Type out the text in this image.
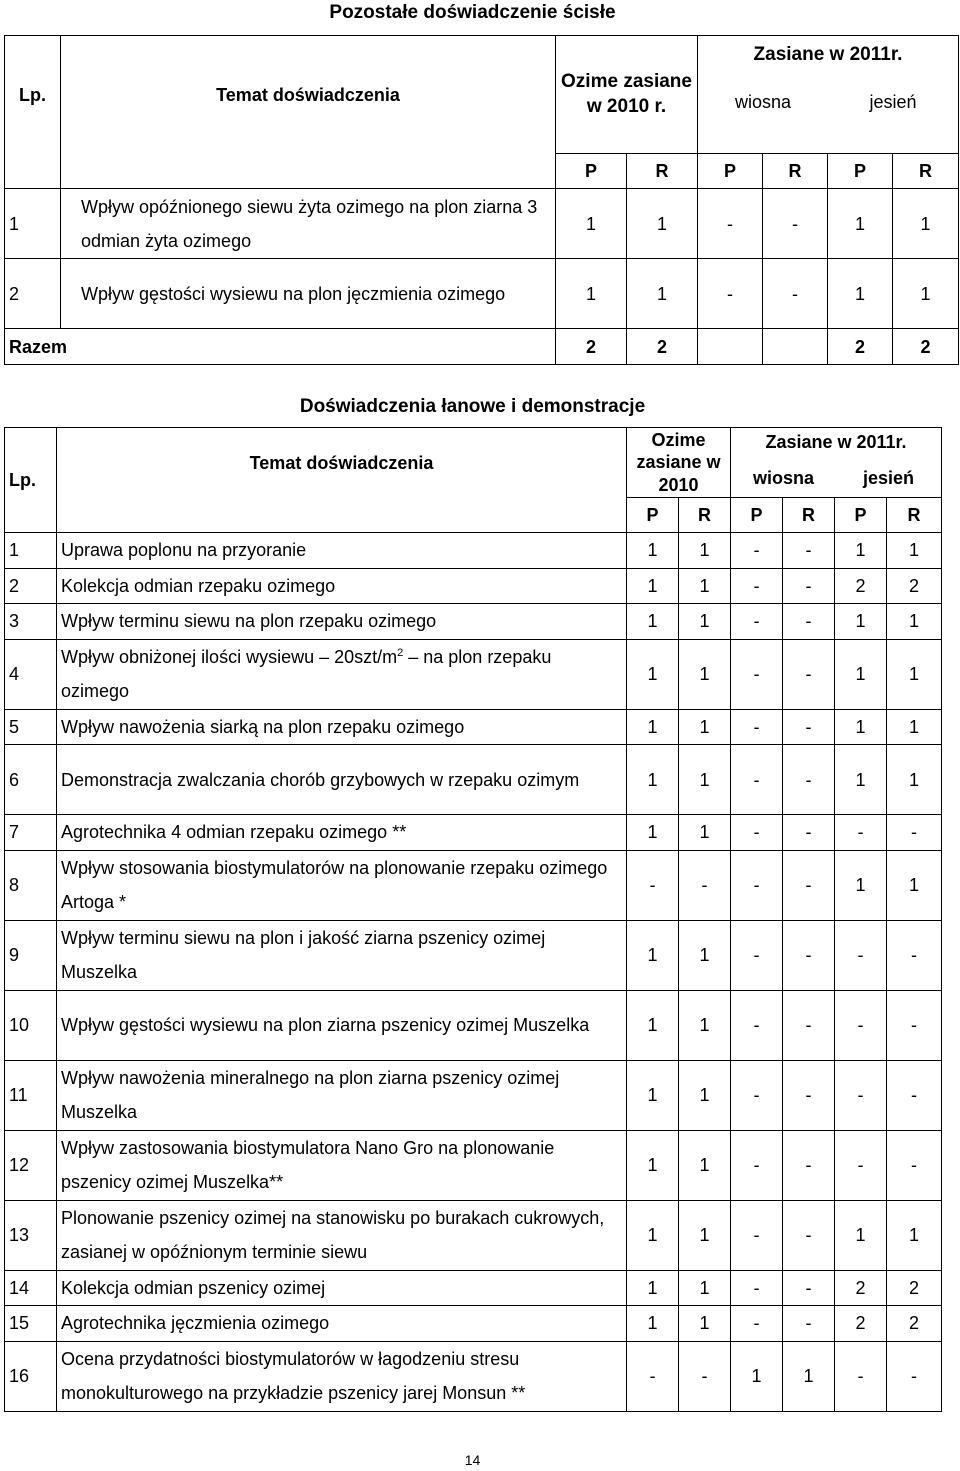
Pozostałe doświadczenie ścisłe
Lp.	Temat doświadczenia	Ozime zasiane w 2010 r.		Zasiane w 2011r.
wiosna jesień			

		P	R	P	R	P	R
1	Wpływ opóźnionego siewu żyta ozimego na plon ziarna 3 odmian żyta ozimego	1	1	-	-	1	1
2	Wpływ gęstości wysiewu na plon jęczmienia ozimego	1	1	-	-	1	1
Razem		2	2			2	2
Doświadczenia łanowe i demonstracje
Lp.	Temat doświadczenia	Ozime zasiane w 2010		Zasiane w 2011r.
wiosna jesień			

		P	R	P	R	P	R
1	Uprawa poplonu na przyoranie	1	1	-	-	1	1
2	Kolekcja odmian rzepaku ozimego	1	1	-	-	2	2
3	Wpływ terminu siewu na plon rzepaku ozimego	1	1	-	-	1	1
4	Wpływ obniżonej ilości wysiewu – $20szt/m^2$ – na plon rzepaku ozimego	1	1	-	-	1	1
5	Wpływ nawożenia siarką na plon rzepaku ozimego	1	1	-	-	1	1
6	Demonstracja zwalczania chorób grzybowych w rzepaku ozimym	1	1	-	-	1	1
7	Agrotechnika 4 odmian rzepaku ozimego **	1	1	-	-	-	-
8	Wpływ stosowania biostymulatorów na plonowanie rzepaku ozimego Artoga *	-	-	-	-	1	1
9	Wpływ terminu siewu na plon i jakość ziarna pszenicy ozimej Muszelka	1	1	-	-	-	-
10	Wpływ gęstości wysiewu na plon ziarna pszenicy ozimej Muszelka	1	1	-	-	-	-
11	Wpływ nawożenia mineralnego na plon ziarna pszenicy ozimej Muszelka	1	1	-	-	-	-
12	Wpływ zastosowania biostymulatora Nano Gro na plonowanie pszenicy ozimej Muszelka**	1	1	-	-	-	-
13	Plonowanie pszenicy ozimej na stanowisku po burakach cukrowych, zasianej w opóźnionym terminie siewu	1	1	-	-	1	1
14	Kolekcja odmian pszenicy ozimej	1	1	-	-	2	2
15	Agrotechnika jęczmienia ozimego	1	1	-	-	2	2
16	Ocena przydatności biostymulatorów w łagodzeniu stresu monokulturowego na przykładzie pszenicy jarej Monsun **	-	-	1	1	-	-
14
